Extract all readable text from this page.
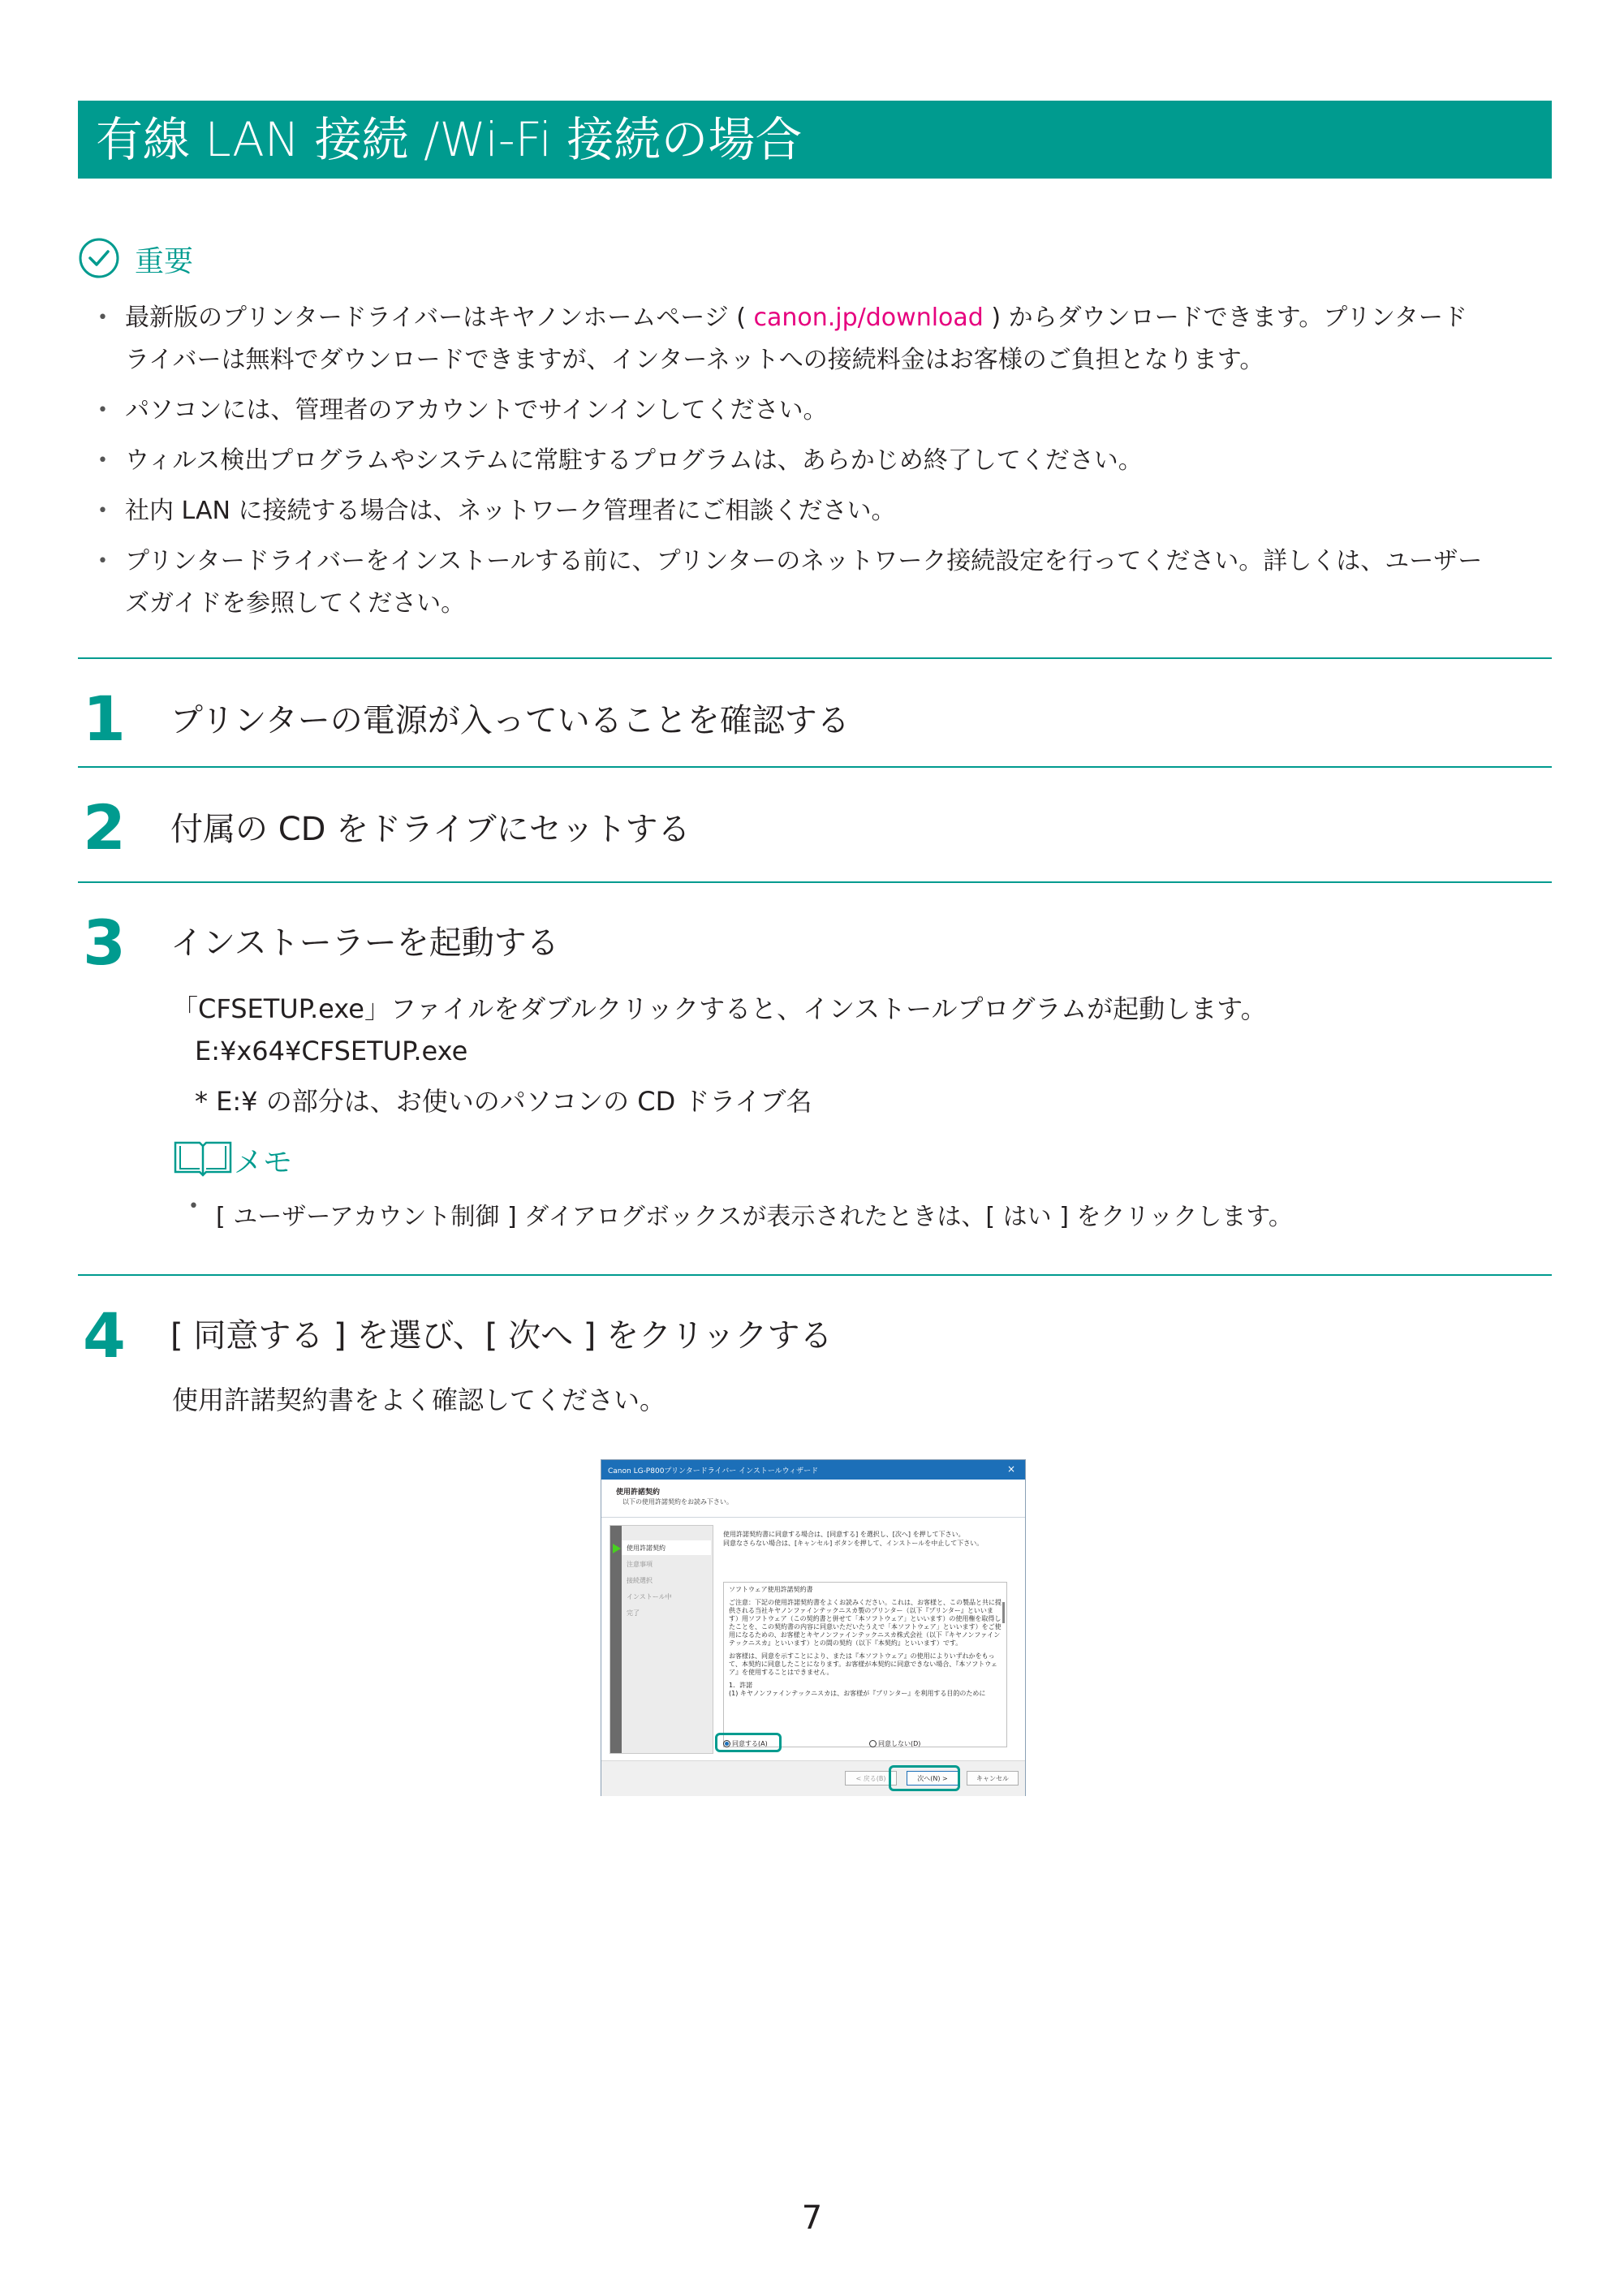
有線 LAN 接続 /Wi-Fi 接続の場合
重要
• 最新版のプリンタードライバーはキヤノンホームページ ( canon.jp/download ) からダウンロードできます。プリンタード
ライバーは無料でダウンロードできますが、インターネットへの接続料金はお客様のご負担となります。
• パソコンには、管理者のアカウントでサインインしてください。
• ウィルス検出プログラムやシステムに常駐するプログラムは、あらかじめ終了してください。
• 社内 LAN に接続する場合は、ネットワーク管理者にご相談ください。
• プリンタードライバーをインストールする前に、プリンターのネットワーク接続設定を行ってください。詳しくは、ユーザー
ズガイドを参照してください。
1 プリンターの電源が入っていることを確認する
2 付属の CD をドライブにセットする
3 インストーラーを起動する
「CFSETUP.exe」ファイルをダブルクリックすると、インストールプログラムが起動します。
E:¥x64¥CFSETUP.exe
* E:¥ の部分は、お使いのパソコンの CD ドライブ名
メモ
• [ ユーザーアカウント制御 ] ダイアログボックスが表示されたときは、[ はい ] をクリックします。
4 [ 同意する ] を選び、[ 次へ ] をクリックする
使用許諾契約書をよく確認してください。
Canon LG-P800プリンタードライバー インストールウィザード	×
使用許諾契約
以下の使用許諾契約をお読み下さい。
使用許諾契約
注意事項
接続選択
インストール中
完了
使用許諾契約書に同意する場合は、[同意する] を選択し、[次へ] を押して下さい。
同意なさらない場合は、[キャンセル] ボタンを押して、インストールを中止して下さい。
ソフトウェア使用許諾契約書
ご注意：下記の使用許諾契約書をよくお読みください。これは、お客様と、この製品と共に提供される当社キヤノンファインテックニスカ製のプリンター（以下『プリンター』といいます）用ソフトウェア（この契約書と併せて「本ソフトウェア」といいます）の使用権を取得したことを、この契約書の内容に同意いただいたうえで「本ソフトウェア」といいます）をご使用になるための、お客様とキヤノンファインテックニスカ株式会社（以下『キヤノンファインテックニスカ』といいます）との間の契約（以下『本契約』といいます）です。
お客様は、同意を示すことにより、または『本ソフトウェア』の使用によりいずれかをもって、本契約に同意したことになります。お客様が本契約に同意できない場合、『本ソフトウェア』を使用することはできません。
1．許諾
(1) キヤノンファインテックニスカは、お客様が『プリンター』を利用する目的のために
同意する(A)	同意しない(D)
< 戻る(B)	次へ(N) >	キャンセル
7
